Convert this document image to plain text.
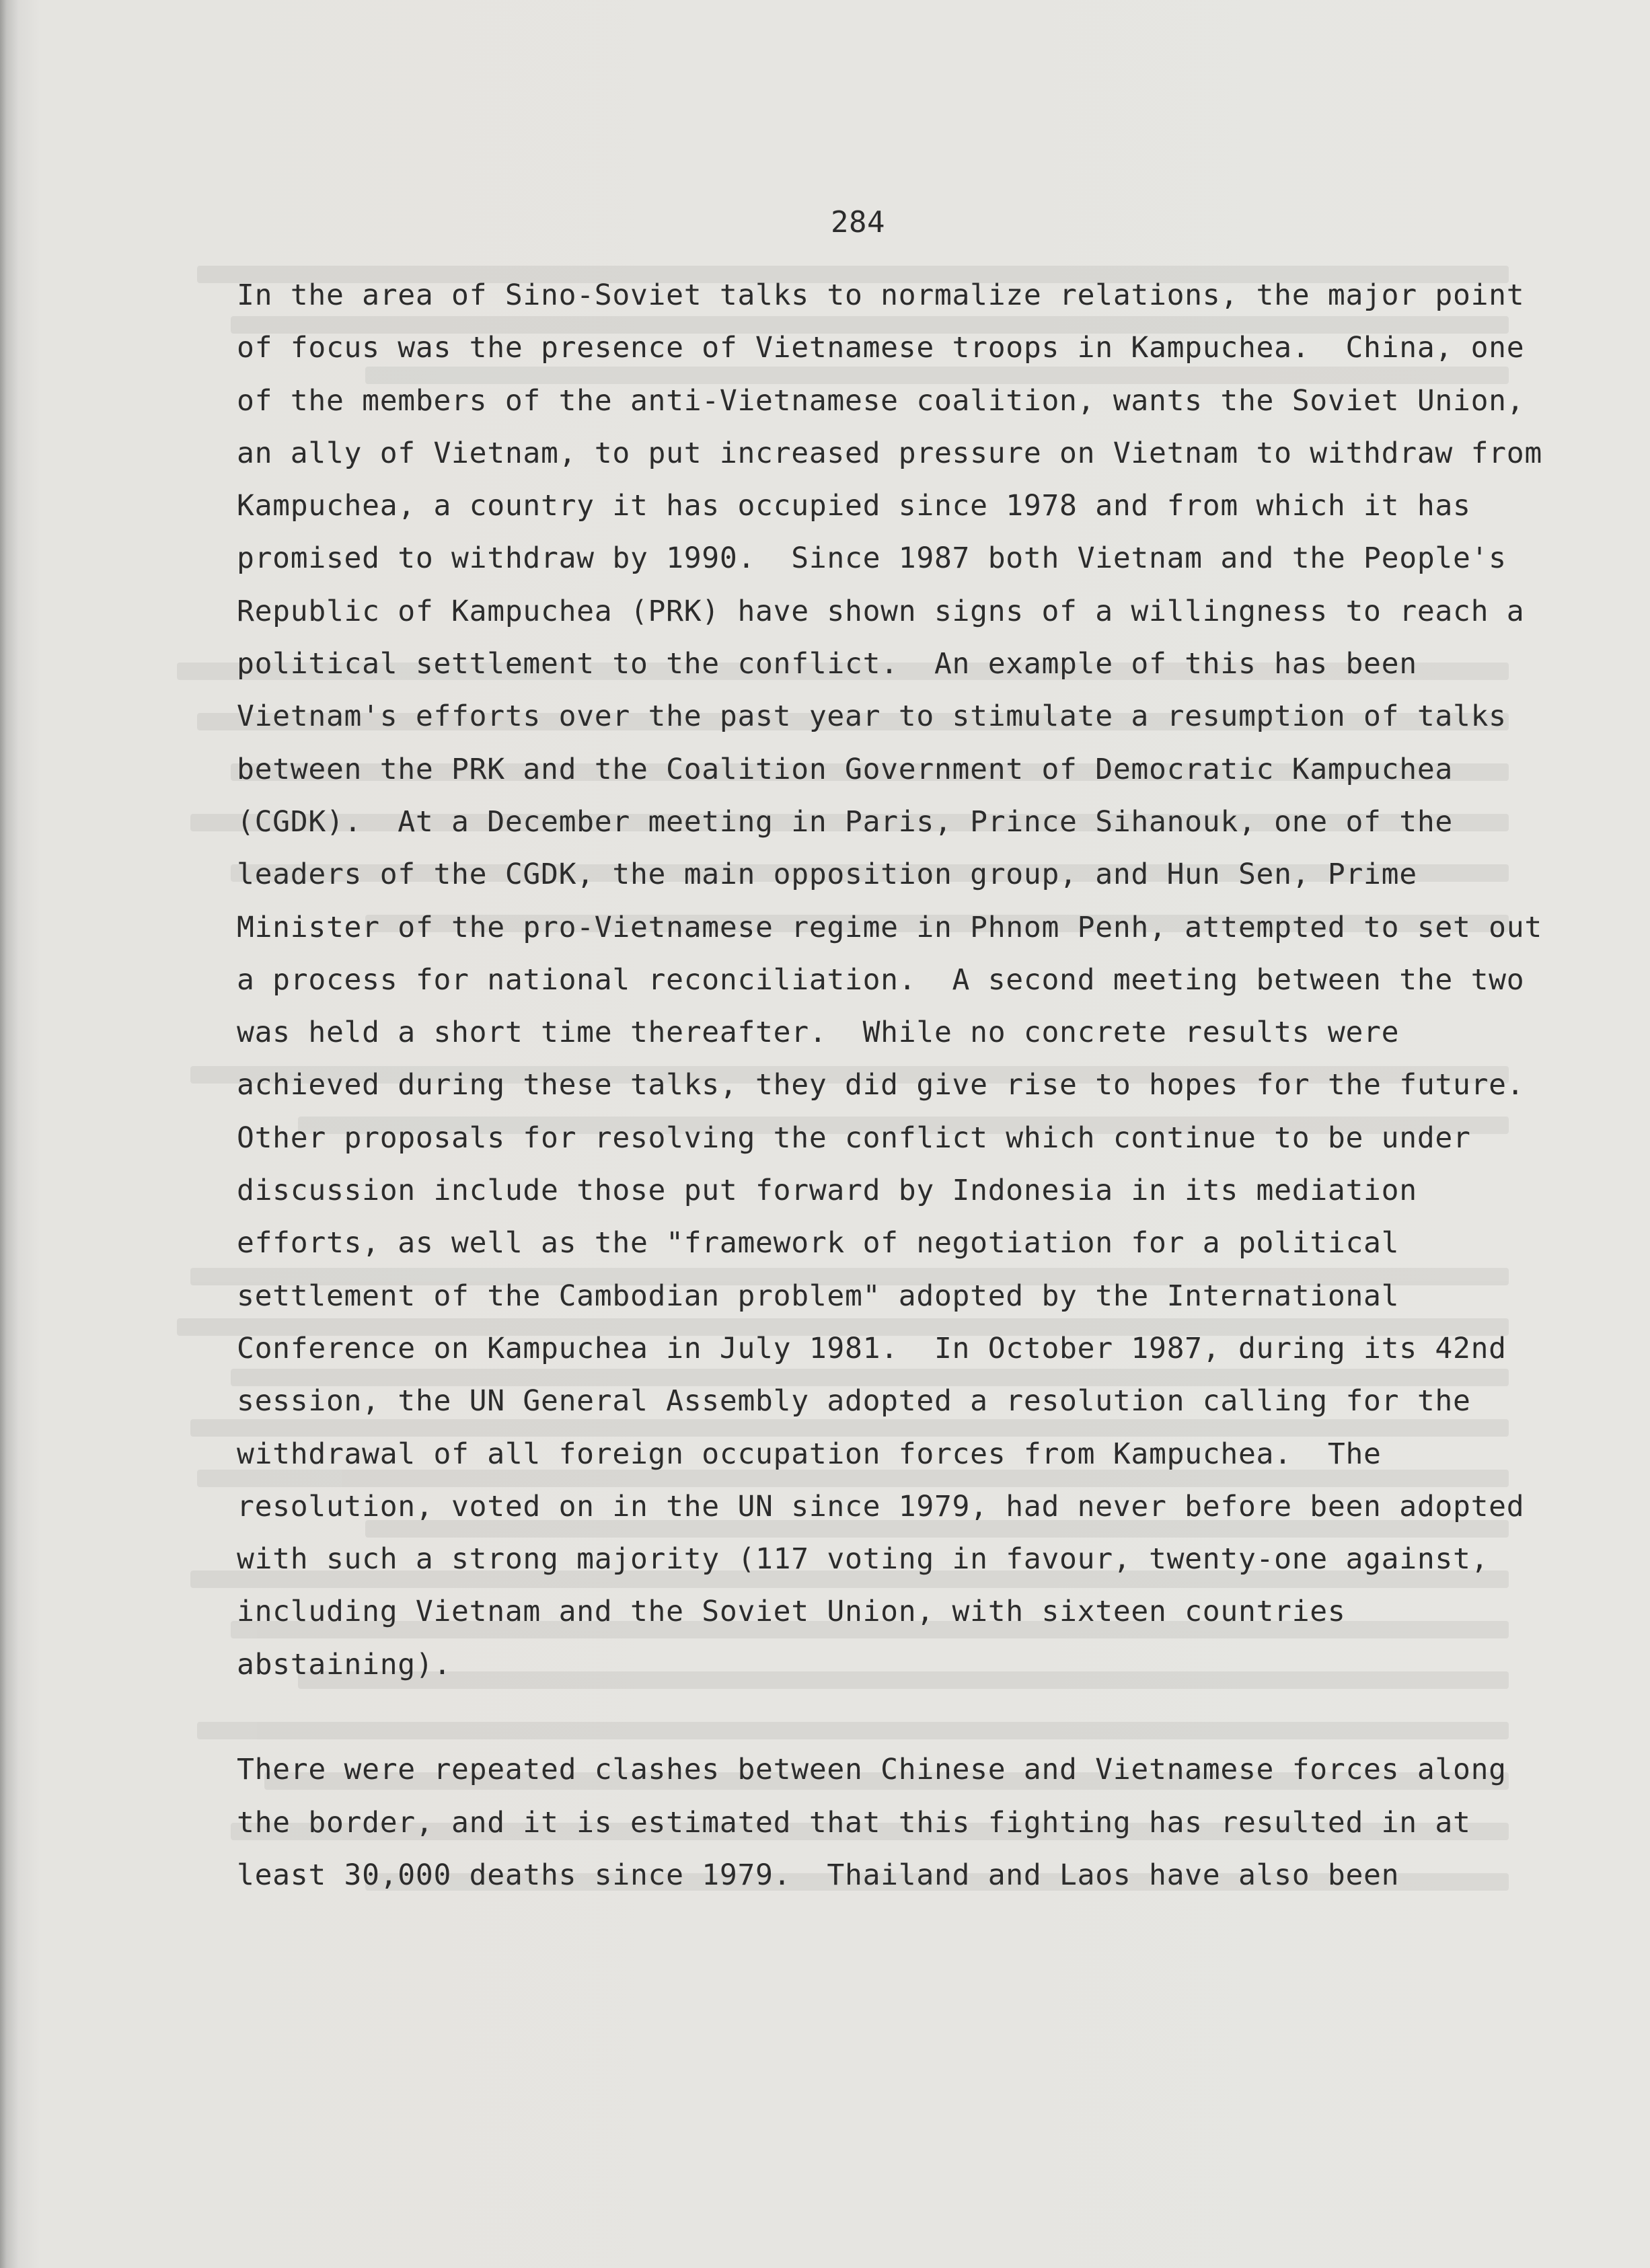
284
In the area of Sino-Soviet talks to normalize relations, the major point
of focus was the presence of Vietnamese troops in Kampuchea.  China, one
of the members of the anti-Vietnamese coalition, wants the Soviet Union,
an ally of Vietnam, to put increased pressure on Vietnam to withdraw from
Kampuchea, a country it has occupied since 1978 and from which it has
promised to withdraw by 1990.  Since 1987 both Vietnam and the People's
Republic of Kampuchea (PRK) have shown signs of a willingness to reach a
political settlement to the conflict.  An example of this has been
Vietnam's efforts over the past year to stimulate a resumption of talks
between the PRK and the Coalition Government of Democratic Kampuchea
(CGDK).  At a December meeting in Paris, Prince Sihanouk, one of the
leaders of the CGDK, the main opposition group, and Hun Sen, Prime
Minister of the pro-Vietnamese regime in Phnom Penh, attempted to set out
a process for national reconciliation.  A second meeting between the two
was held a short time thereafter.  While no concrete results were
achieved during these talks, they did give rise to hopes for the future.
Other proposals for resolving the conflict which continue to be under
discussion include those put forward by Indonesia in its mediation
efforts, as well as the "framework of negotiation for a political
settlement of the Cambodian problem" adopted by the International
Conference on Kampuchea in July 1981.  In October 1987, during its 42nd
session, the UN General Assembly adopted a resolution calling for the
withdrawal of all foreign occupation forces from Kampuchea.  The
resolution, voted on in the UN since 1979, had never before been adopted
with such a strong majority (117 voting in favour, twenty-one against,
including Vietnam and the Soviet Union, with sixteen countries
abstaining).
There were repeated clashes between Chinese and Vietnamese forces along
the border, and it is estimated that this fighting has resulted in at
least 30,000 deaths since 1979.  Thailand and Laos have also been
